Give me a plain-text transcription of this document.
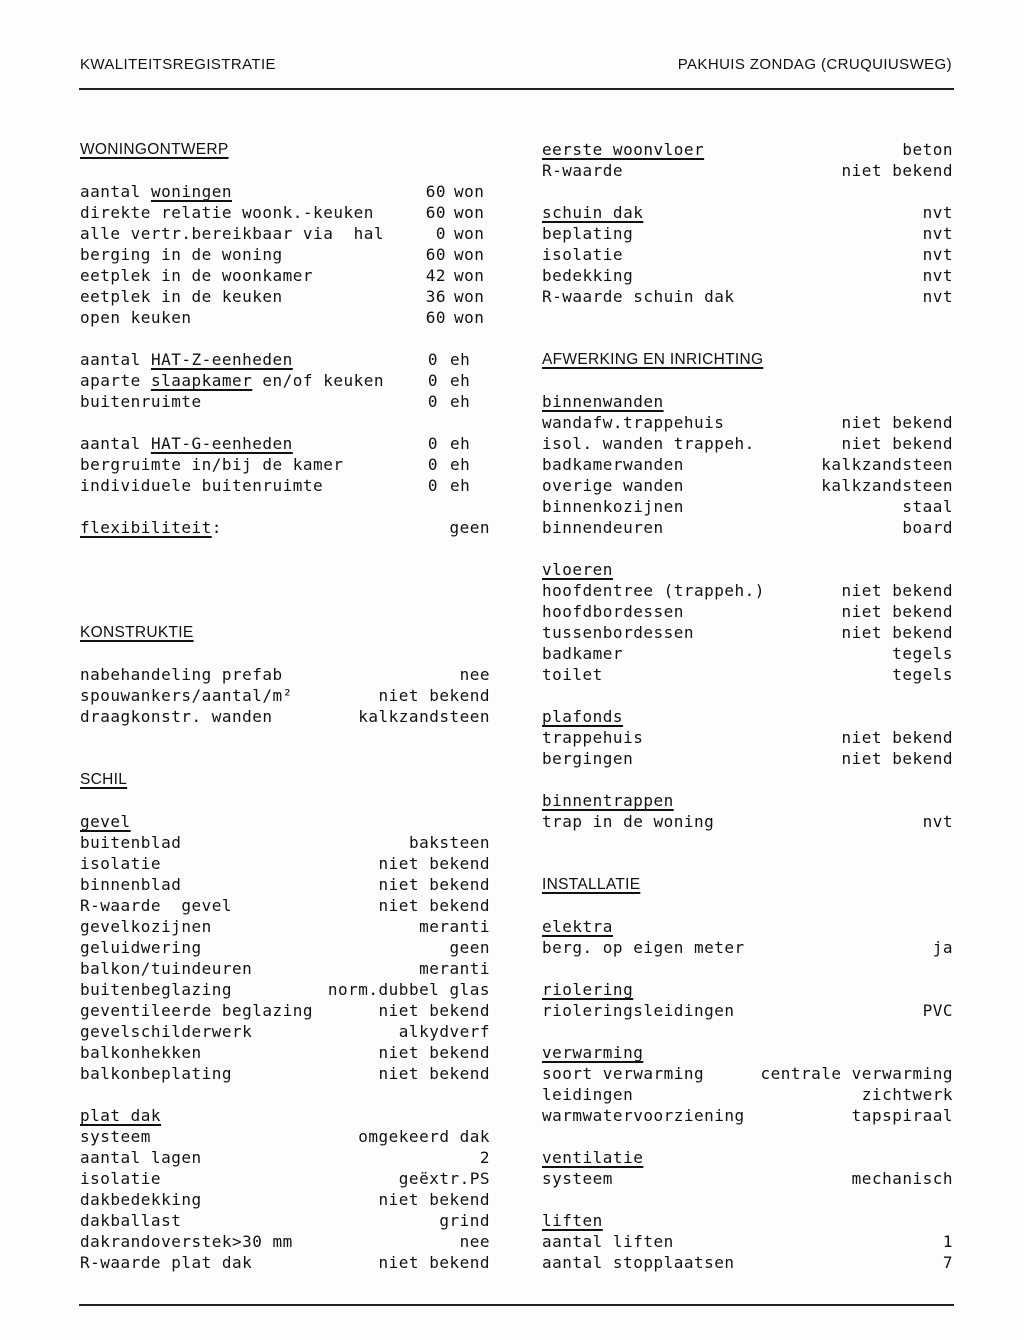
KWALITEITSREGISTRATIE	PAKHUIS ZONDAG (CRUQUIUSWEG)
WONINGONTWERP
aantal woningen	60 won
direkte relatie woonk.-keuken	60 won
alle vertr.bereikbaar via  hal	0 won
berging in de woning	60 won
eetplek in de woonkamer	42 won
eetplek in de keuken	36 won
open keuken	60 won
aantal HAT-Z-eenheden	0 eh
aparte slaapkamer en/of keuken	0 eh
buitenruimte	0 eh
aantal HAT-G-eenheden	0 eh
bergruimte in/bij de kamer	0 eh
individuele buitenruimte	0 eh
flexibiliteit:	geen
KONSTRUKTIE
nabehandeling prefab	nee
spouwankers/aantal/m²	niet bekend
draagkonstr. wanden	kalkzandsteen
SCHIL
gevel
buitenblad	baksteen
isolatie	niet bekend
binnenblad	niet bekend
R-waarde  gevel	niet bekend
gevelkozijnen	meranti
geluidwering	geen
balkon/tuindeuren	meranti
buitenbeglazing	norm.dubbel glas
geventileerde beglazing	niet bekend
gevelschilderwerk	alkydverf
balkonhekken	niet bekend
balkonbeplating	niet bekend
plat dak
systeem	omgekeerd dak
aantal lagen	2
isolatie	geëxtr.PS
dakbedekking	niet bekend
dakballast	grind
dakrandoverstek>30 mm	nee
R-waarde plat dak	niet bekend
eerste woonvloer	beton
R-waarde	niet bekend
schuin dak	nvt
beplating	nvt
isolatie	nvt
bedekking	nvt
R-waarde schuin dak	nvt
AFWERKING EN INRICHTING
binnenwanden
wandafw.trappehuis	niet bekend
isol. wanden trappeh.	niet bekend
badkamerwanden	kalkzandsteen
overige wanden	kalkzandsteen
binnenkozijnen	staal
binnendeuren	board
vloeren
hoofdentree (trappeh.)	niet bekend
hoofdbordessen	niet bekend
tussenbordessen	niet bekend
badkamer	tegels
toilet	tegels
plafonds
trappehuis	niet bekend
bergingen	niet bekend
binnentrappen
trap in de woning	nvt
INSTALLATIE
elektra
berg. op eigen meter	ja
riolering
rioleringsleidingen	PVC
verwarming
soort verwarming	centrale verwarming
leidingen	zichtwerk
warmwatervoorziening	tapspiraal
ventilatie
systeem	mechanisch
liften
aantal liften	1
aantal stopplaatsen	7
